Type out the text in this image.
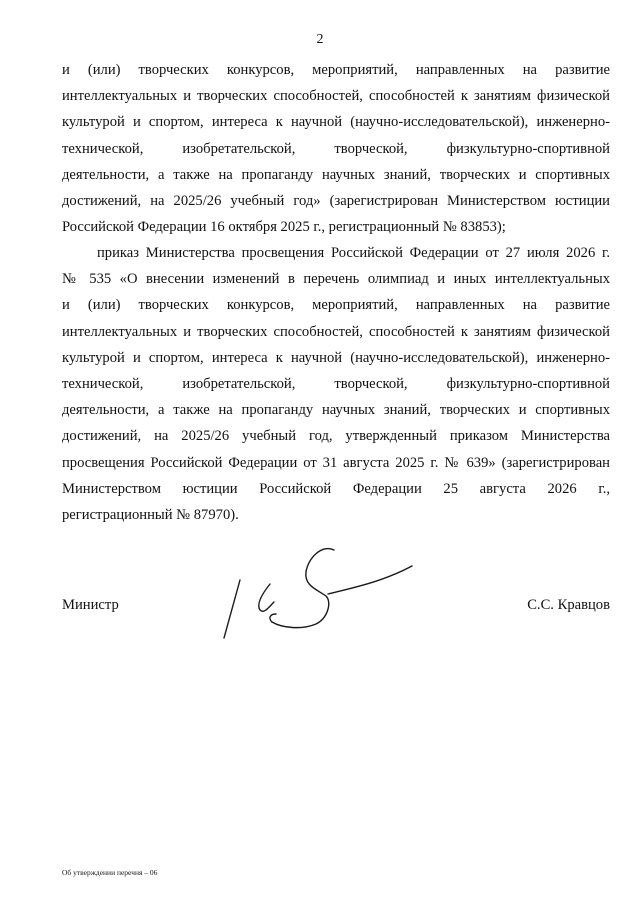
2
и (или) творческих конкурсов, мероприятий, направленных на развитие
интеллектуальных и творческих способностей, способностей к занятиям физической
культурой и спортом, интереса к научной (научно-исследовательской), инженерно-
технической, изобретательской, творческой, физкультурно-спортивной
деятельности, а также на пропаганду научных знаний, творческих и спортивных
достижений, на 2025/26 учебный год» (зарегистрирован Министерством юстиции
Российской Федерации 16 октября 2025 г., регистрационный № 83853);
приказ Министерства просвещения Российской Федерации от 27 июля 2026 г.
№ 535 «О внесении изменений в перечень олимпиад и иных интеллектуальных
и (или) творческих конкурсов, мероприятий, направленных на развитие
интеллектуальных и творческих способностей, способностей к занятиям физической
культурой и спортом, интереса к научной (научно-исследовательской), инженерно-
технической, изобретательской, творческой, физкультурно-спортивной
деятельности, а также на пропаганду научных знаний, творческих и спортивных
достижений, на 2025/26 учебный год, утвержденный приказом Министерства
просвещения Российской Федерации от 31 августа 2025 г. № 639» (зарегистрирован
Министерством юстиции Российской Федерации 25 августа 2026 г.,
регистрационный № 87970).
Министр	С.С. Кравцов
Об утверждении перечня – 06
